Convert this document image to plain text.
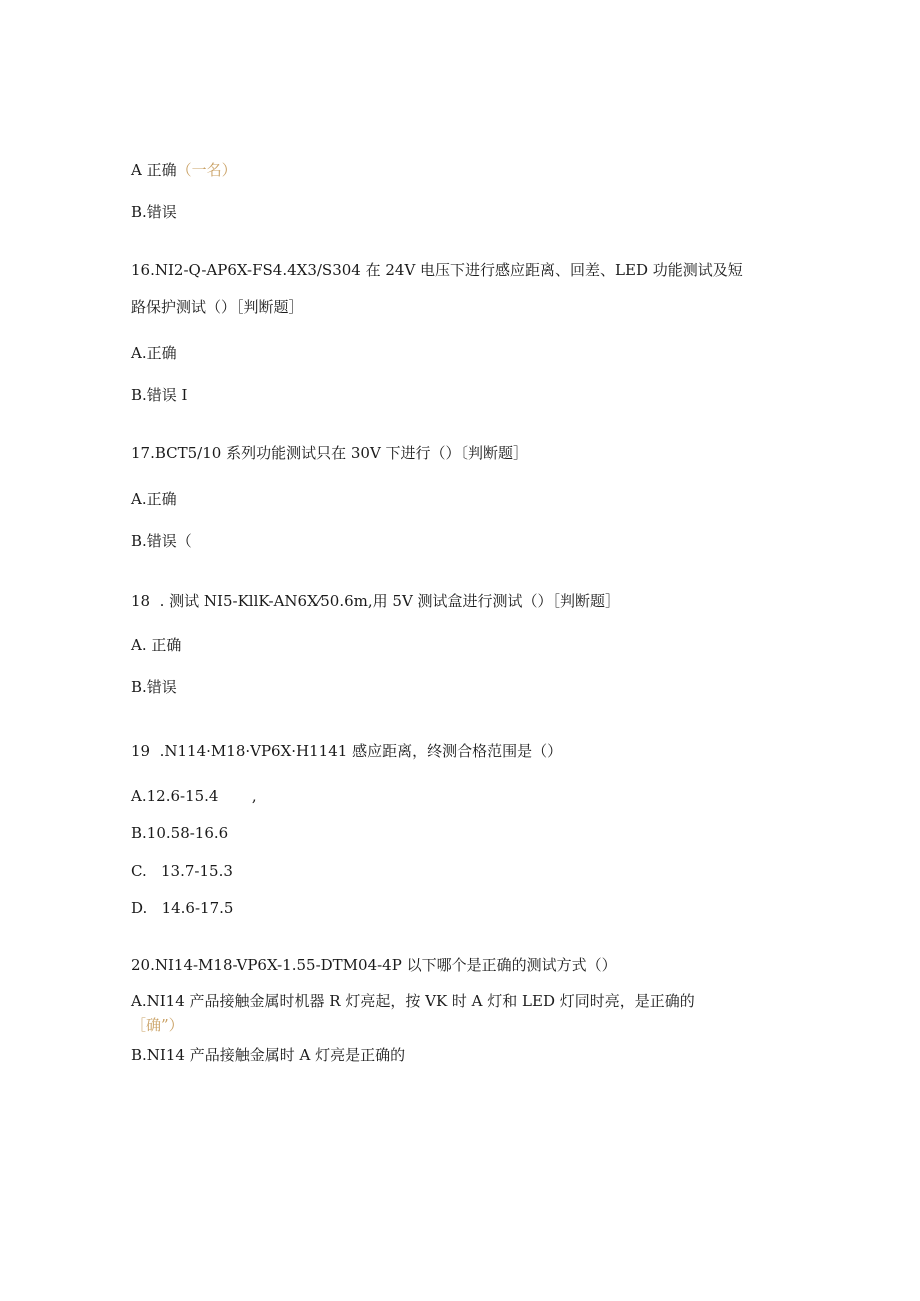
A 正确（一名）
B.错误
16.NI2-Q-AP6X-FS4.4X3/S304 在 24V 电压下进行感应距离、回差、LED 功能测试及短
路保护测试（）［判断题］
A.正确
B.错误 I
17.BCT5/10 系列功能测试只在 30V 下进行（）〔判断题］
A.正确
B.错误（
18  . 测试 NI5-KllK-AN6X⁄50.6m,用 5V 测试盒进行测试（）［判断题］
A. 正确
B.错误
19  .N114·M18·VP6X·H1141 感应距离，终测合格范围是（）
A.12.6-15.4       ,
B.10.58-16.6
C.   13.7-15.3
D.   14.6-17.5
20.NI14-M18-VP6X-1.55-DTM04-4P 以下哪个是正确的测试方式（）
A.NI14 产品接触金属时机器 R 灯亮起，按 VK 时 A 灯和 LED 灯同时亮，是正确的
［确”）
B.NI14 产品接触金属时 A 灯亮是正确的
